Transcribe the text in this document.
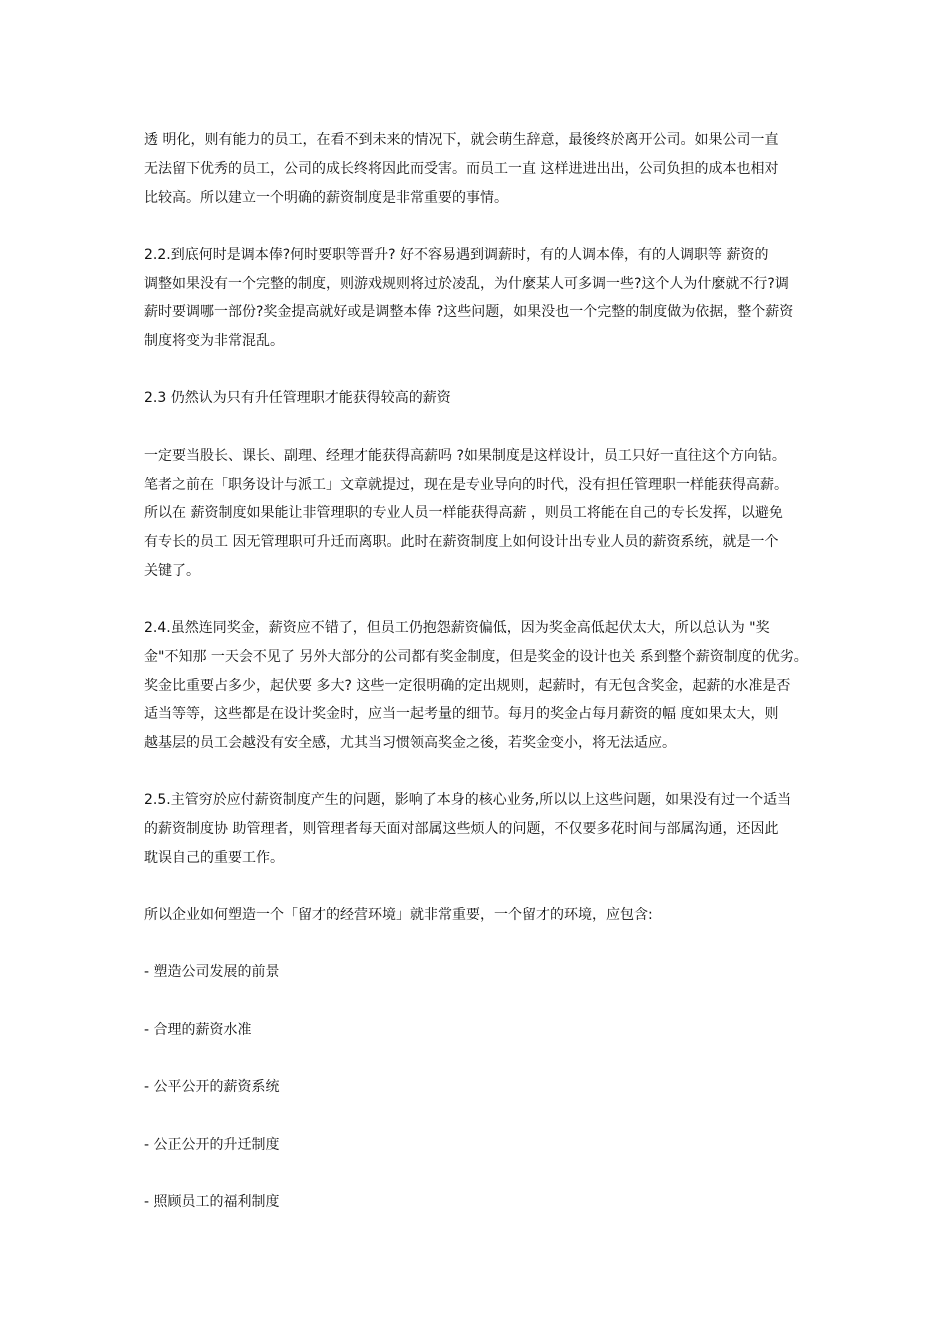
透 明化，则有能力的员工，在看不到未来的情况下，就会萌生辞意，最後终於离开公司。如果公司一直
无法留下优秀的员工，公司的成长终将因此而受害。而员工一直 这样进进出出，公司负担的成本也相对
比较高。所以建立一个明确的薪资制度是非常重要的事情。
2.2.到底何时是调本俸?何时要职等晋升? 好不容易遇到调薪时，有的人调本俸，有的人调职等 薪资的
调整如果没有一个完整的制度，则游戏规则将过於凌乱，为什麼某人可多调一些?这个人为什麼就不行?调
薪时要调哪一部份?奖金提高就好或是调整本俸 ?这些问题，如果没也一个完整的制度做为依据，整个薪资
制度将变为非常混乱。
2.3 仍然认为只有升任管理职才能获得较高的薪资
一定要当股长、课长、副理、经理才能获得高薪吗 ?如果制度是这样设计，员工只好一直往这个方向钻。
笔者之前在「职务设计与派工」文章就提过，现在是专业导向的时代，没有担任管理职一样能获得高薪。
所以在 薪资制度如果能让非管理职的专业人员一样能获得高薪 ，则员工将能在自己的专长发挥，以避免
有专长的员工 因无管理职可升迁而离职。此时在薪资制度上如何设计出专业人员的薪资系统，就是一个
关键了。
2.4.虽然连同奖金，薪资应不错了，但员工仍抱怨薪资偏低，因为奖金高低起伏太大，所以总认为 "奖
金"不知那 一天会不见了 另外大部分的公司都有奖金制度，但是奖金的设计也关 系到整个薪资制度的优劣。
奖金比重要占多少，起伏要 多大? 这些一定很明确的定出规则，起薪时，有无包含奖金，起薪的水准是否
适当等等，这些都是在设计奖金时，应当一起考量的细节。每月的奖金占每月薪资的幅 度如果太大，则
越基层的员工会越没有安全感，尤其当习惯领高奖金之後，若奖金变小，将无法适应。
2.5.主管穷於应付薪资制度产生的问题，影响了本身的核心业务,所以以上这些问题，如果没有过一个适当
的薪资制度协 助管理者，则管理者每天面对部属这些烦人的问题，不仅要多花时间与部属沟通，还因此
耽误自己的重要工作。
所以企业如何塑造一个「留才的经营环境」就非常重要，一个留才的环境，应包含:
- 塑造公司发展的前景
- 合理的薪资水准
- 公平公开的薪资系统
- 公正公开的升迁制度
- 照顾员工的福利制度
